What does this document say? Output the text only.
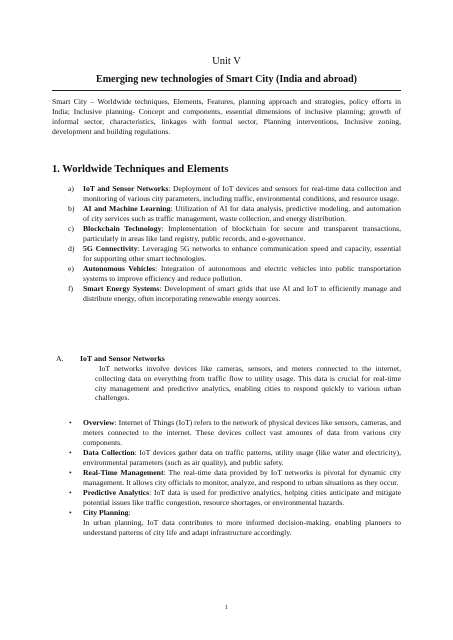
Unit V
Emerging new technologies of Smart City (India and abroad)
Smart City – Worldwide techniques, Elements, Features, planning approach and strategies, policy efforts in India; Inclusive planning- Concept and components, essential dimensions of inclusive planning; growth of informal sector, characteristics, linkages with formal sector, Planning interventions, Inclusive zoning, development and building regulations.
1. Worldwide Techniques and Elements
a) IoT and Sensor Networks: Deployment of IoT devices and sensors for real-time data collection and monitoring of various city parameters, including traffic, environmental conditions, and resource usage.
b) AI and Machine Learning: Utilization of AI for data analysis, predictive modeling, and automation of city services such as traffic management, waste collection, and energy distribution.
c) Blockchain Technology: Implementation of blockchain for secure and transparent transactions, particularly in areas like land registry, public records, and e-governance.
d) 5G Connectivity: Leveraging 5G networks to enhance communication speed and capacity, essential for supporting other smart technologies.
e) Autonomous Vehicles: Integration of autonomous and electric vehicles into public transportation systems to improve efficiency and reduce pollution.
f) Smart Energy Systems: Development of smart grids that use AI and IoT to efficiently manage and distribute energy, often incorporating renewable energy sources.
A. IoT and Sensor Networks
IoT networks involve devices like cameras, sensors, and meters connected to the internet, collecting data on everything from traffic flow to utility usage. This data is crucial for real-time city management and predictive analytics, enabling cities to respond quickly to various urban challenges.
• Overview: Internet of Things (IoT) refers to the network of physical devices like sensors, cameras, and meters connected to the internet. These devices collect vast amounts of data from various city components.
• Data Collection: IoT devices gather data on traffic patterns, utility usage (like water and electricity), environmental parameters (such as air quality), and public safety.
• Real-Time Management: The real-time data provided by IoT networks is pivotal for dynamic city management. It allows city officials to monitor, analyze, and respond to urban situations as they occur.
• Predictive Analytics: IoT data is used for predictive analytics, helping cities anticipate and mitigate potential issues like traffic congestion, resource shortages, or environmental hazards.
• City Planning:
In urban planning, IoT data contributes to more informed decision-making, enabling planners to understand patterns of city life and adapt infrastructure accordingly.
1
